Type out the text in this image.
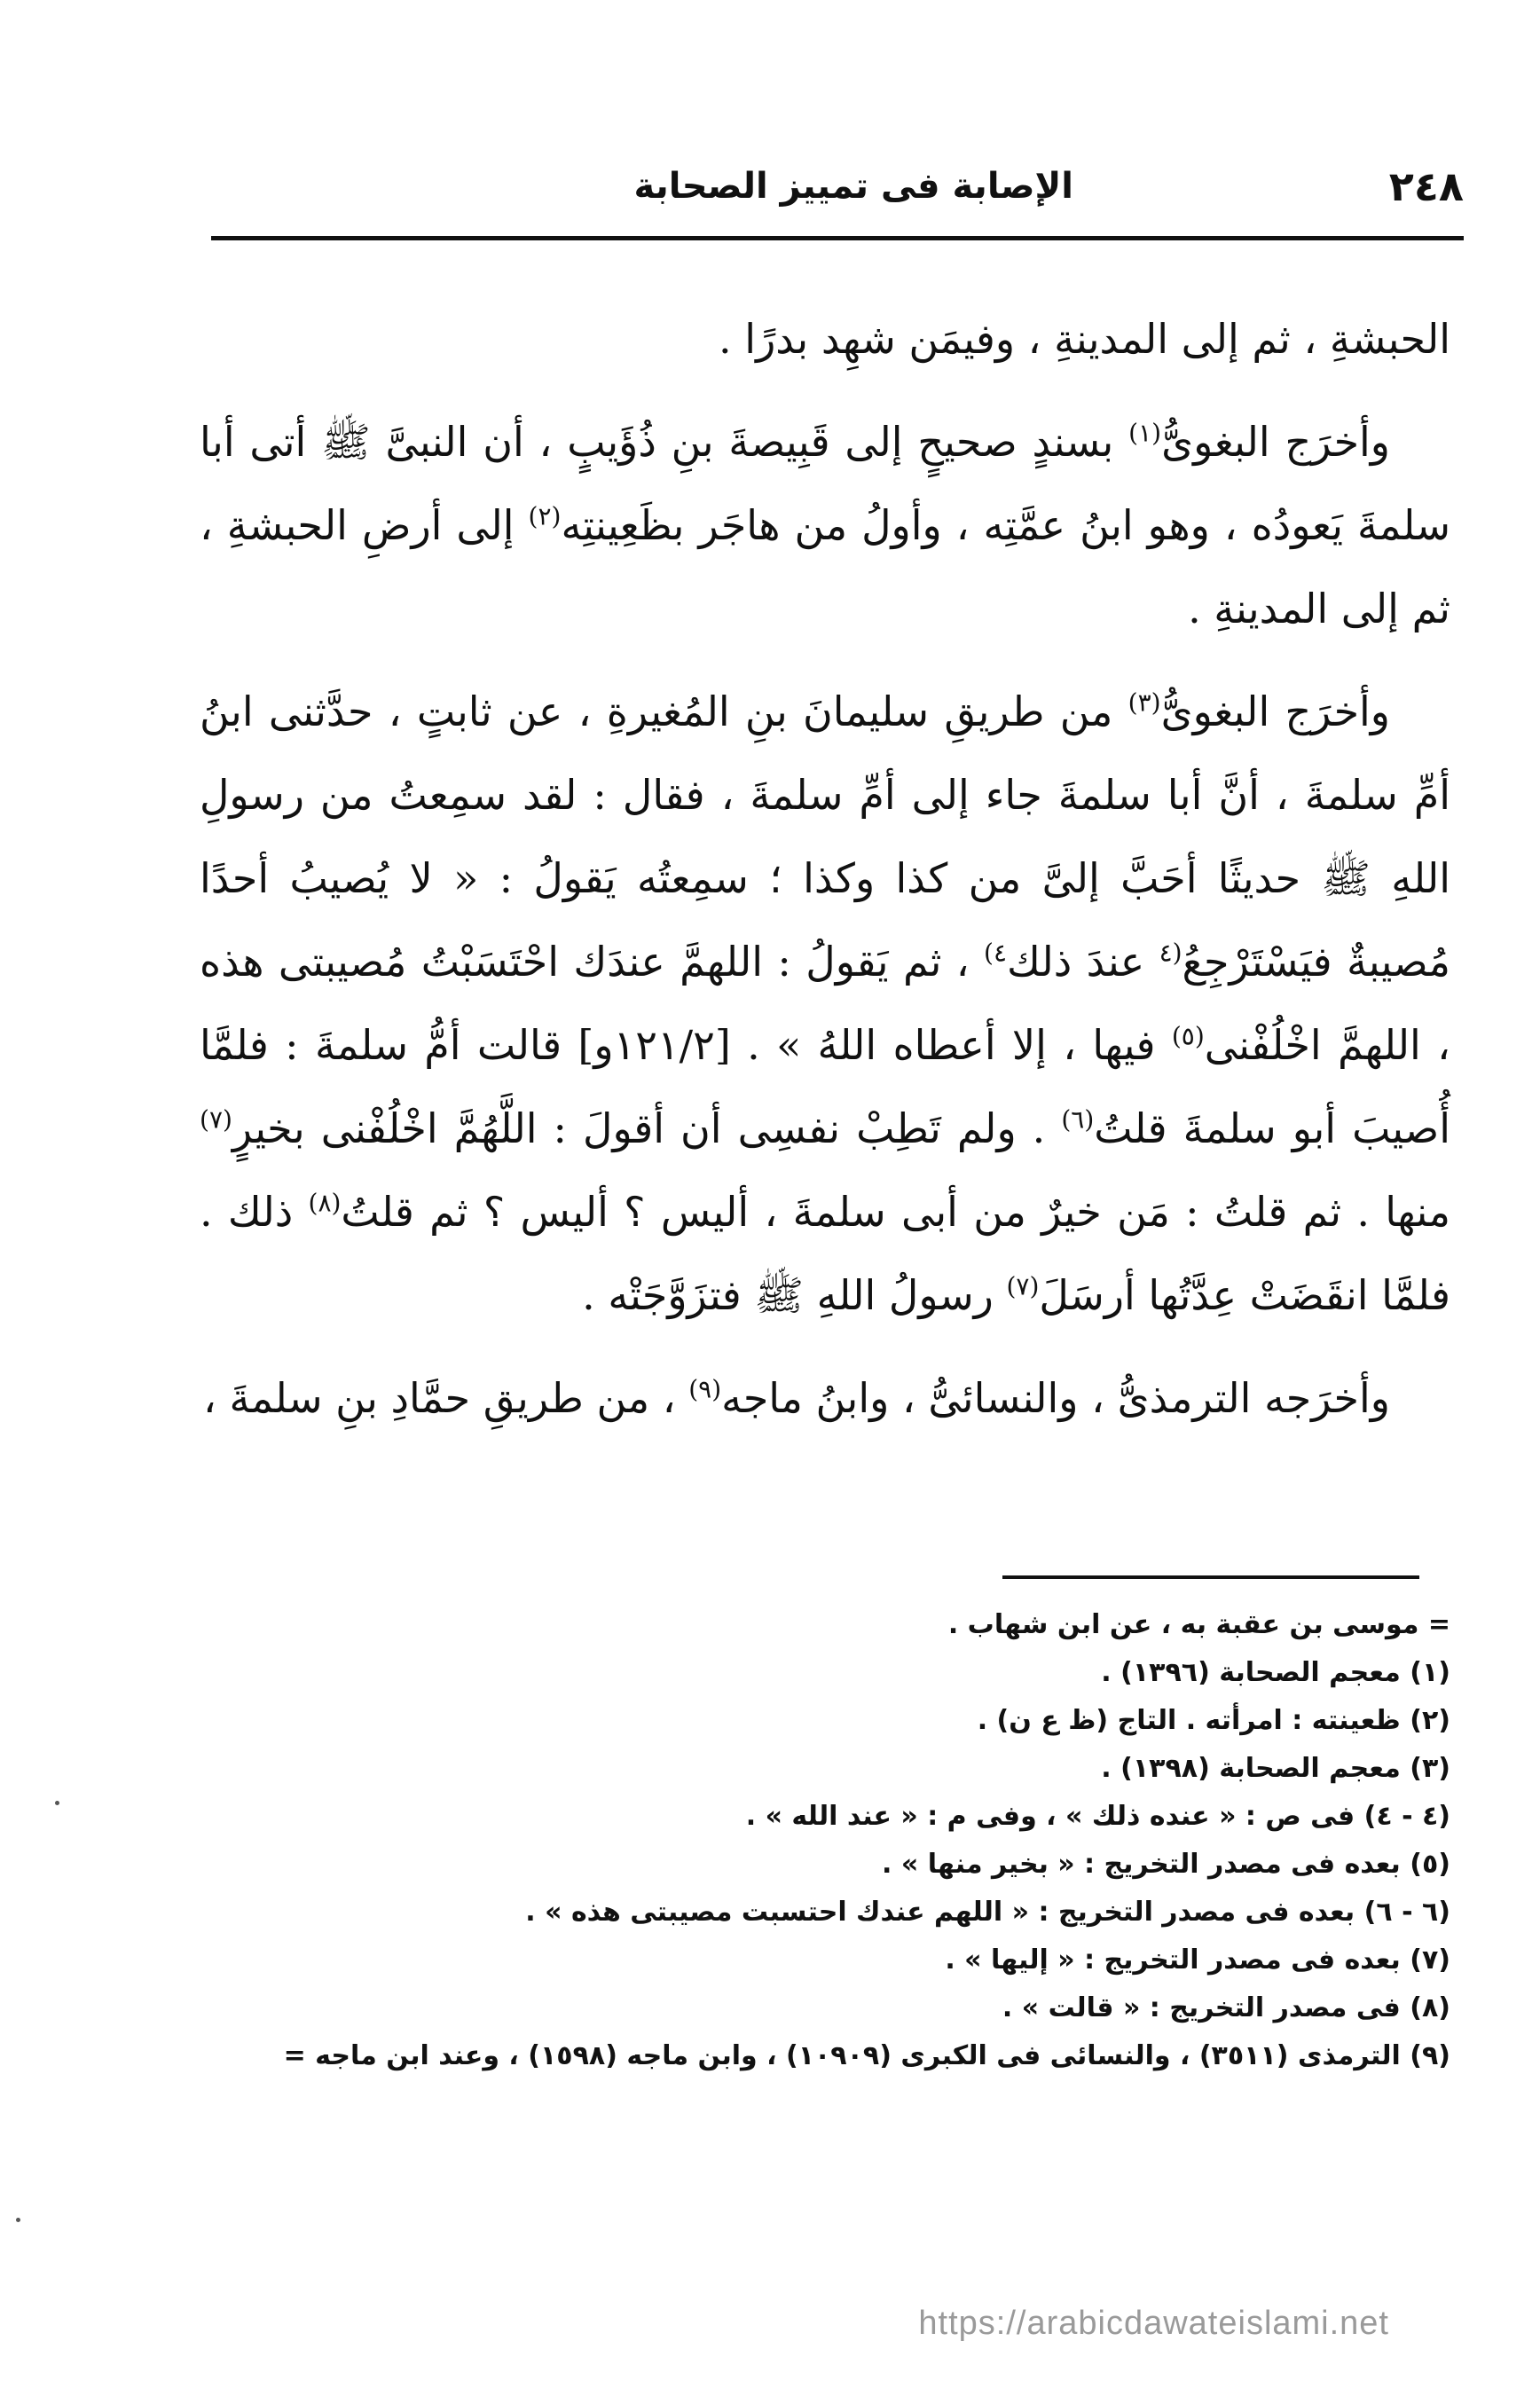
٢٤٨
الإصابة فى تمييز الصحابة

الحبشةِ ، ثم إلى المدينةِ ، وفيمَن شهِد بدرًا .

وأخرَج البغوىُّ$^{(١)}$ بسندٍ صحيحٍ إلى قَبِيصةَ بنِ ذُؤَيبٍ ، أن النبىَّ ﷺ أتى أبا سلمةَ يَعودُه ، وهو ابنُ عمَّتِه ، وأولُ من هاجَر بظَعِينتِه$^{(٢)}$ إلى أرضِ الحبشةِ ، ثم إلى المدينةِ .

وأخرَج البغوىُّ$^{(٣)}$ من طريقِ سليمانَ بنِ المُغيرةِ ، عن ثابتٍ ، حدَّثنى ابنُ أمِّ سلمةَ ، أنَّ أبا سلمةَ جاء إلى أمِّ سلمةَ ، فقال : لقد سمِعتُ من رسولِ اللهِ ﷺ حديثًا أحَبَّ إلىَّ من كذا وكذا ؛ سمِعتُه يَقولُ : « لا يُصيبُ أحدًا مُصيبةٌ فيَسْتَرْجِعُ$^{(٤}$ عندَ ذلك$^{٤)}$ ، ثم يَقولُ : اللهمَّ عندَك احْتَسَبْتُ مُصيبتى هذه ، اللهمَّ اخْلُفْنى$^{(٥)}$ فيها ، إلا أعطاه اللهُ » . [١٢١/٢و] قالت أمُّ سلمةَ : فلمَّا أُصيبَ أبو سلمةَ قلتُ$^{(٦)}$ . ولم تَطِبْ نفسِى أن أقولَ : اللَّهُمَّ اخْلُفْنى بخيرٍ$^{(٧)}$ منها . ثم قلتُ : مَن خيرٌ من أبى سلمةَ ، أليس ؟ أليس ؟ ثم قلتُ$^{(٨)}$ ذلك . فلمَّا انقَضَتْ عِدَّتُها أرسَلَ$^{(٧)}$ رسولُ اللهِ ﷺ فتزَوَّجَتْه .

وأخرَجه الترمذىُّ ، والنسائىُّ ، وابنُ ماجه$^{(٩)}$ ، من طريقِ حمَّادِ بنِ سلمةَ ،

= موسى بن عقبة به ، عن ابن شهاب .

(١) معجم الصحابة (١٣٩٦) .

(٢) ظعينته : امرأته . التاج (ظ ع ن) .

(٣) معجم الصحابة (١٣٩٨) .

(٤ - ٤) فى ص : « عنده ذلك » ، وفى م : « عند الله » .

(٥) بعده فى مصدر التخريج : « بخير منها » .

(٦ - ٦) بعده فى مصدر التخريج : « اللهم عندك احتسبت مصيبتى هذه » .

(٧) بعده فى مصدر التخريج : « إليها » .

(٨) فى مصدر التخريج : « قالت » .

(٩) الترمذى (٣٥١١) ، والنسائى فى الكبرى (١٠٩٠٩) ، وابن ماجه (١٥٩٨) ، وعند ابن ماجه =

https://arabicdawateislami.net
